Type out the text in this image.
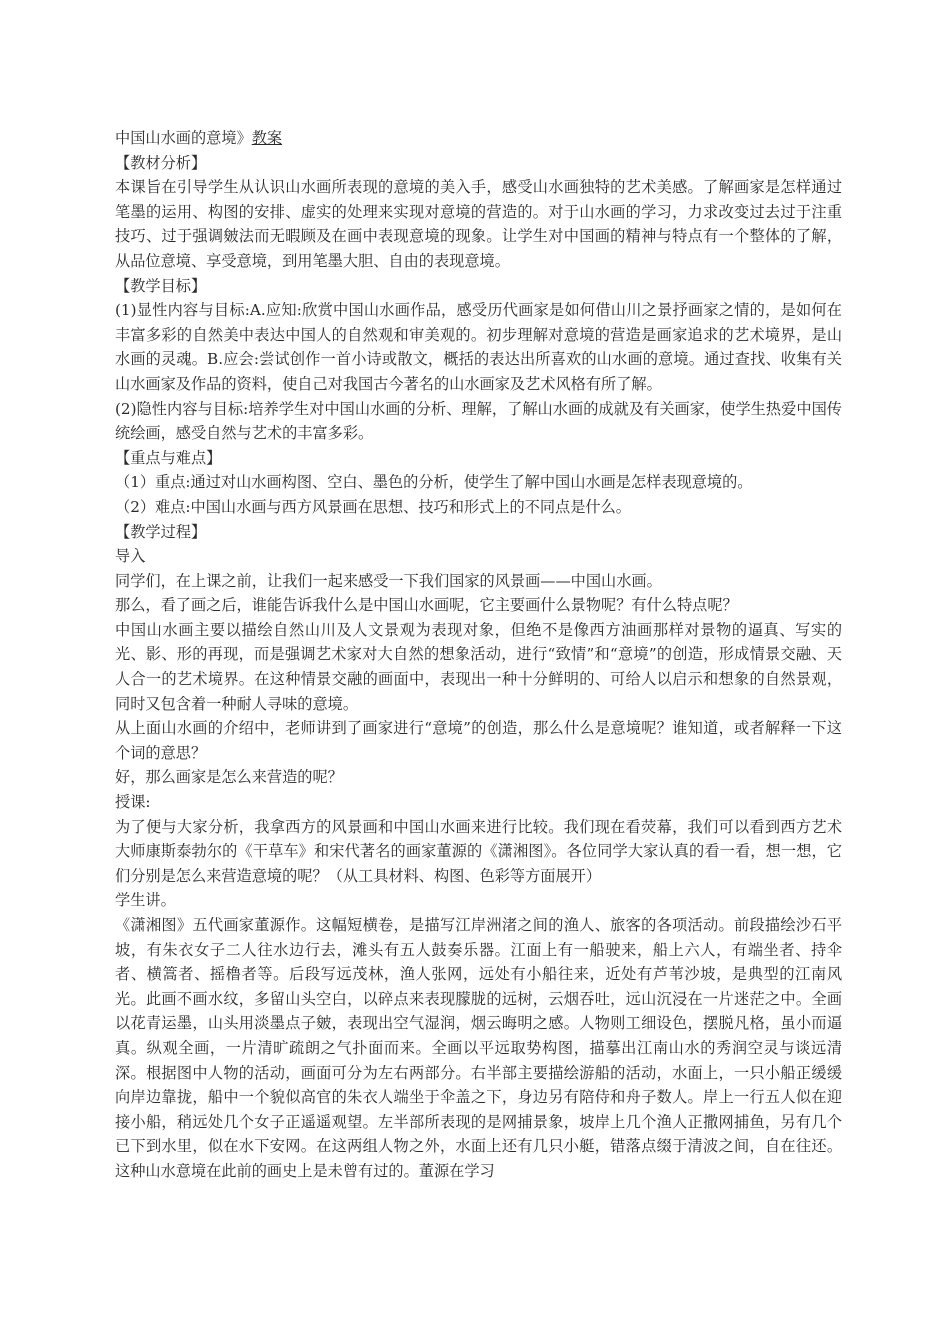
中国山水画的意境》教案

【教材分析】

本课旨在引导学生从认识山水画所表现的意境的美入手，感受山水画独特的艺术美感。了解画家是怎样通过笔墨的运用、构图的安排、虚实的处理来实现对意境的营造的。对于山水画的学习，力求改变过去过于注重技巧、过于强调皴法而无暇顾及在画中表现意境的现象。让学生对中国画的精神与特点有一个整体的了解，从品位意境、享受意境，到用笔墨大胆、自由的表现意境。

【教学目标】

(1)显性内容与目标:A.应知:欣赏中国山水画作品，感受历代画家是如何借山川之景抒画家之情的，是如何在丰富多彩的自然美中表达中国人的自然观和审美观的。初步理解对意境的营造是画家追求的艺术境界，是山水画的灵魂。B.应会:尝试创作一首小诗或散文，概括的表达出所喜欢的山水画的意境。通过查找、收集有关山水画家及作品的资料，使自己对我国古今著名的山水画家及艺术风格有所了解。

(2)隐性内容与目标:培养学生对中国山水画的分析、理解，了解山水画的成就及有关画家，使学生热爱中国传统绘画，感受自然与艺术的丰富多彩。

【重点与难点】

（1）重点:通过对山水画构图、空白、墨色的分析，使学生了解中国山水画是怎样表现意境的。

（2）难点:中国山水画与西方风景画在思想、技巧和形式上的不同点是什么。

【教学过程】

导入

同学们，在上课之前，让我们一起来感受一下我们国家的风景画——中国山水画。

那么，看了画之后，谁能告诉我什么是中国山水画呢，它主要画什么景物呢？有什么特点呢？

中国山水画主要以描绘自然山川及人文景观为表现对象，但绝不是像西方油画那样对景物的逼真、写实的光、影、形的再现，而是强调艺术家对大自然的想象活动，进行“致情”和“意境”的创造，形成情景交融、天人合一的艺术境界。在这种情景交融的画面中，表现出一种十分鲜明的、可给人以启示和想象的自然景观，同时又包含着一种耐人寻味的意境。

从上面山水画的介绍中，老师讲到了画家进行“意境”的创造，那么什么是意境呢？谁知道，或者解释一下这个词的意思？

好，那么画家是怎么来营造的呢？

授课:

为了便与大家分析，我拿西方的风景画和中国山水画来进行比较。我们现在看荧幕，我们可以看到西方艺术大师康斯泰勃尔的《干草车》和宋代著名的画家董源的《潇湘图》。各位同学大家认真的看一看，想一想，它们分别是怎么来营造意境的呢？（从工具材料、构图、色彩等方面展开）

学生讲。

《潇湘图》五代画家董源作。这幅短横卷，是描写江岸洲渚之间的渔人、旅客的各项活动。前段描绘沙石平坡，有朱衣女子二人往水边行去，滩头有五人鼓奏乐器。江面上有一船驶来，船上六人，有端坐者、持伞者、横篙者、摇橹者等。后段写远茂林，渔人张网，远处有小船往来，近处有芦苇沙坡，是典型的江南风光。此画不画水纹，多留山头空白，以碎点来表现朦胧的远树，云烟吞吐，远山沉浸在一片迷茫之中。全画以花青运墨，山头用淡墨点子皴，表现出空气湿润，烟云晦明之感。人物则工细设色，摆脱凡格，虽小而逼真。纵观全画，一片清旷疏朗之气扑面而来。全画以平远取势构图，描摹出江南山水的秀润空灵与谈远清深。根据图中人物的活动，画面可分为左右两部分。右半部主要描绘游船的活动，水面上，一只小船正缓缓向岸边靠拢，船中一个貌似高官的朱衣人端坐于伞盖之下，身边另有陪侍和舟子数人。岸上一行五人似在迎接小船，稍远处几个女子正遥遥观望。左半部所表现的是网捕景象，坡岸上几个渔人正撒网捕鱼，另有几个已下到水里，似在水下安网。在这两组人物之外，水面上还有几只小艇，错落点缀于清波之间，自在往还。这种山水意境在此前的画史上是未曾有过的。董源在学习
